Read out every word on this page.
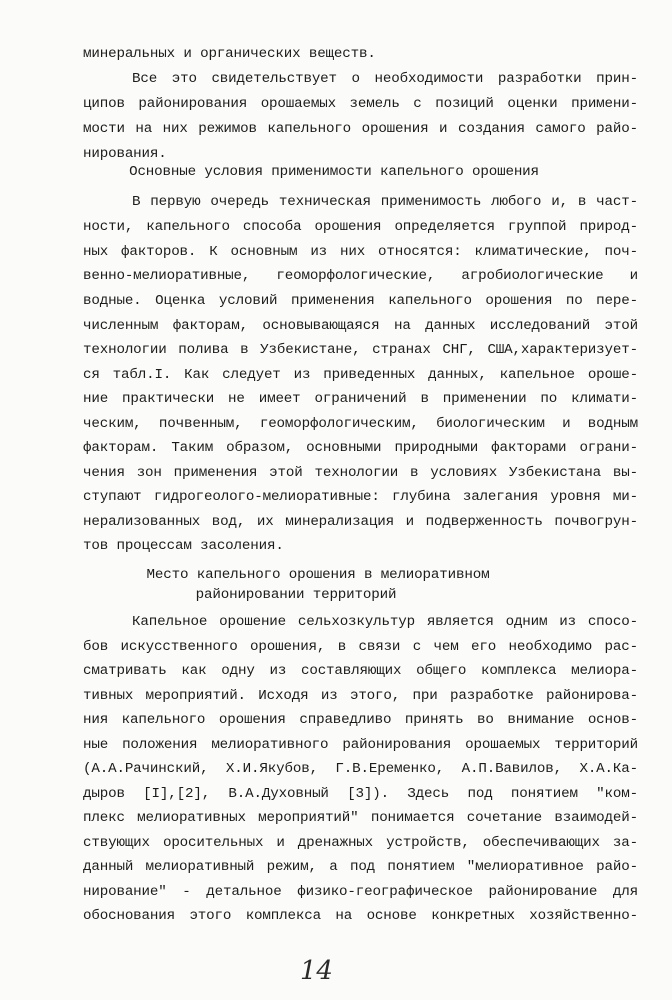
минеральных и органических веществ.
Все это свидетельствует о необходимости разработки прин-
ципов районирования орошаемых земель с позиций оценки примени-
мости на них режимов капельного орошения и создания самого райо-
нирования.
Основные условия применимости капельного орошения
В первую очередь техническая применимость любого и, в част-
ности, капельного способа орошения определяется группой природ-
ных факторов. К основным из них относятся: климатические, поч-
венно-мелиоративные, геоморфологические, агробиологические и
водные. Оценка условий применения капельного орошения по пере-
численным факторам, основывающаяся на данных исследований этой
технологии полива в Узбекистане, странах СНГ, США,характеризует-
ся табл.I. Как следует из приведенных данных, капельное ороше-
ние практически не имеет ограничений в применении по климати-
ческим, почвенным, геоморфологическим, биологическим и водным
факторам. Таким образом, основными природными факторами ограни-
чения зон применения этой технологии в условиях Узбекистана вы-
ступают гидрогеолого-мелиоративные: глубина залегания уровня ми-
нерализованных вод, их минерализация и подверженность почвогрун-
тов процессам засоления.
Место капельного орошения в мелиоративном
районировании территорий
Капельное орошение сельхозкультур является одним из спосо-
бов искусственного орошения, в связи с чем его необходимо рас-
сматривать как одну из составляющих общего комплекса мелиора-
тивных мероприятий. Исходя из этого, при разработке районирова-
ния капельного орошения справедливо принять во внимание основ-
ные положения мелиоративного районирования орошаемых территорий
(А.А.Рачинский, Х.И.Якубов, Г.В.Еременко, А.П.Вавилов, Х.А.Ка-
дыров [I],[2], В.А.Духовный [3]). Здесь под понятием "ком-
плекс мелиоративных мероприятий" понимается сочетание взаимодей-
ствующих оросительных и дренажных устройств, обеспечивающих за-
данный мелиоративный режим, а под понятием "мелиоративное райо-
нирование" - детальное физико-географическое районирование для
обоснования этого комплекса на основе конкретных хозяйственно-
14
